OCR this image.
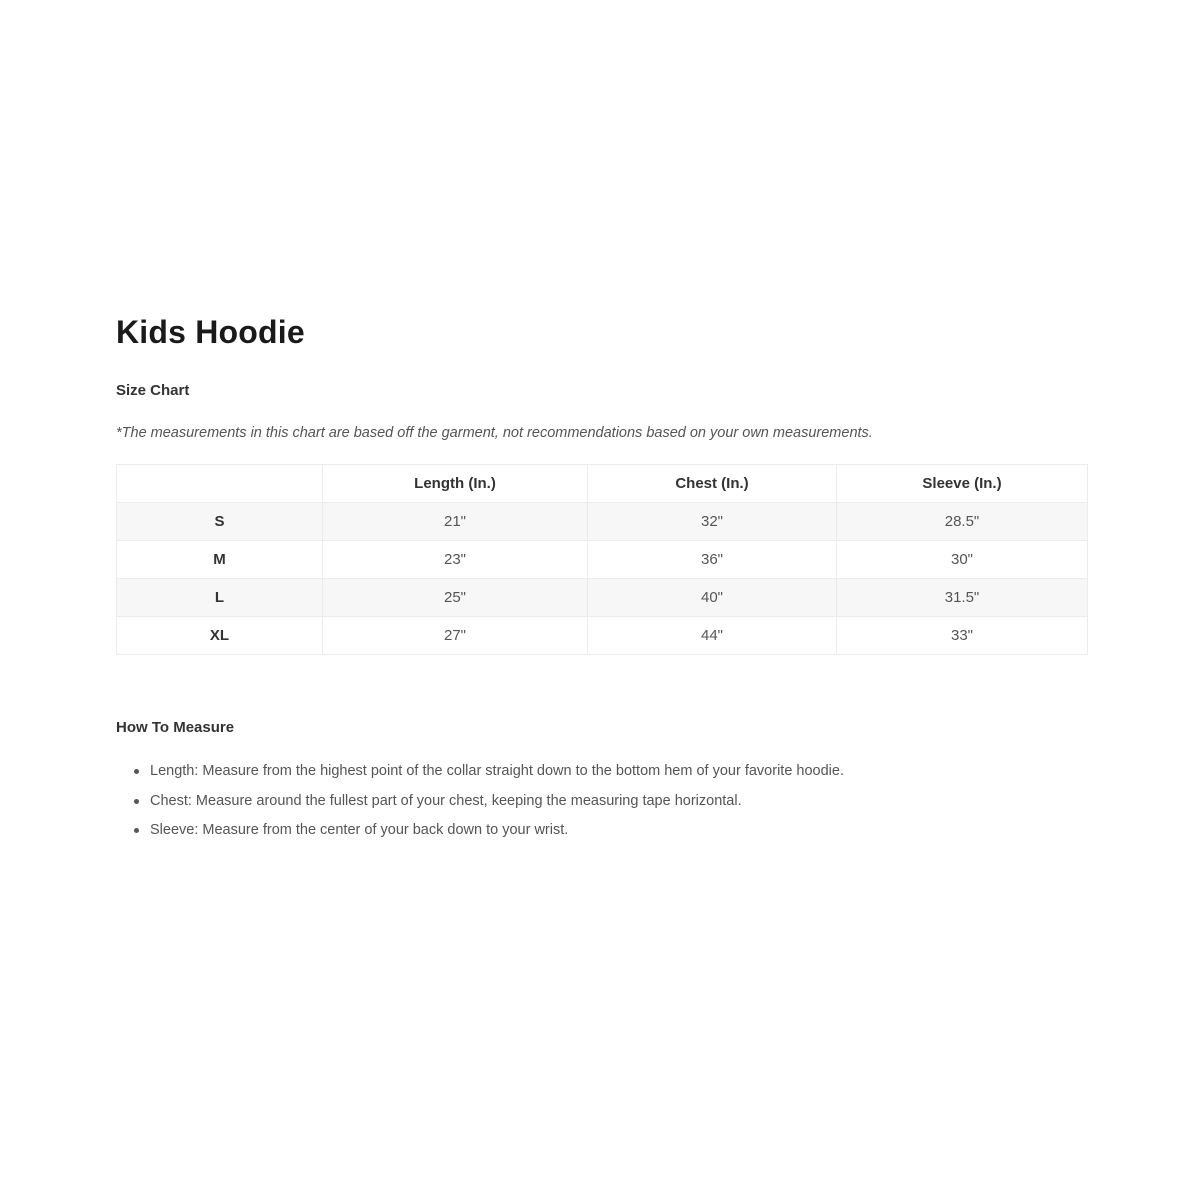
Kids Hoodie
Size Chart

*The measurements in this chart are based off the garment, not recommendations based on your own measurements.

	Length (In.)	Chest (In.)	Sleeve (In.)
S	21"	32"	28.5"
M	23"	36"	30"
L	25"	40"	31.5"
XL	27"	44"	33"
How To Measure
Length: Measure from the highest point of the collar straight down to the bottom hem of your favorite hoodie.
Chest: Measure around the fullest part of your chest, keeping the measuring tape horizontal.
Sleeve: Measure from the center of your back down to your wrist.
